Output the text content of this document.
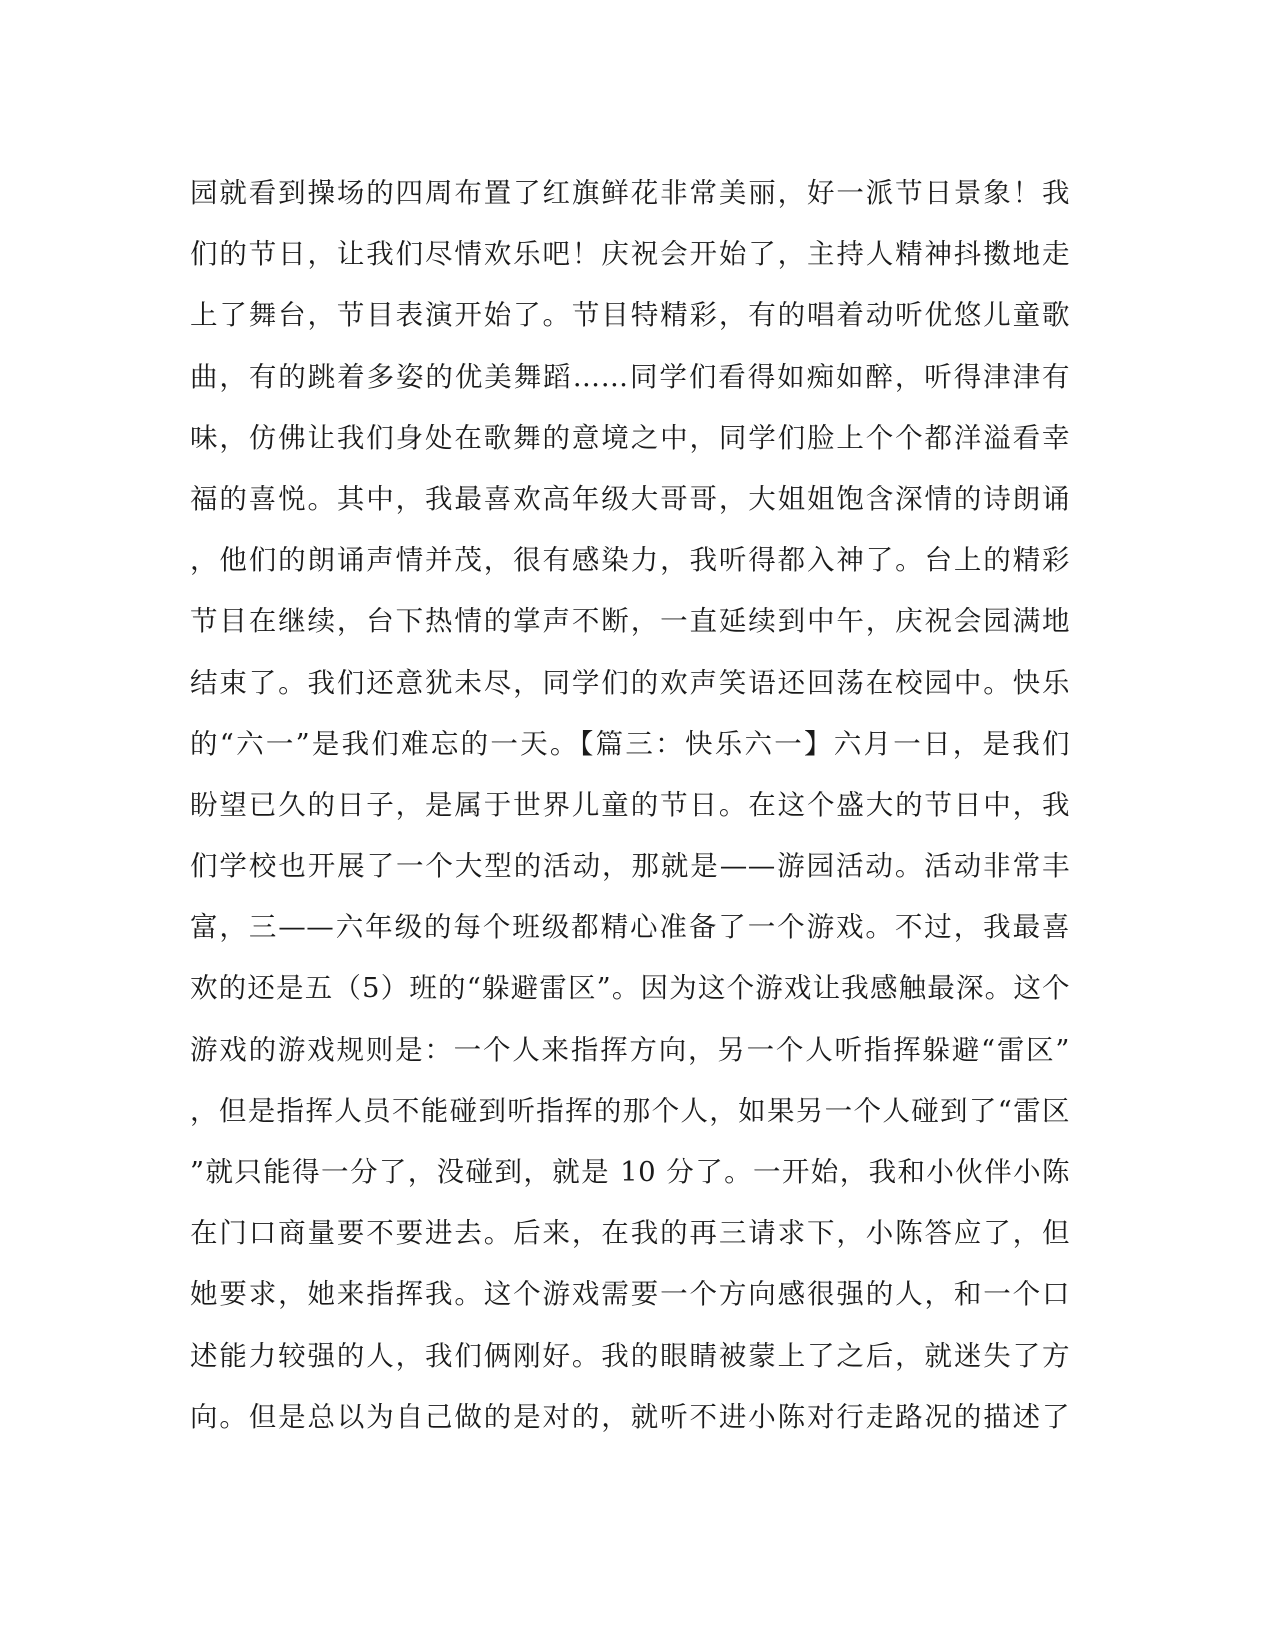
园就看到操场的四周布置了红旗鲜花非常美丽，好一派节日景象！我
们的节日，让我们尽情欢乐吧！庆祝会开始了，主持人精神抖擞地走
上了舞台，节目表演开始了。节目特精彩，有的唱着动听优悠儿童歌
曲，有的跳着多姿的优美舞蹈……同学们看得如痴如醉，听得津津有
味，仿佛让我们身处在歌舞的意境之中，同学们脸上个个都洋溢看幸
福的喜悦。其中，我最喜欢高年级大哥哥，大姐姐饱含深情的诗朗诵
，他们的朗诵声情并茂，很有感染力，我听得都入神了。台上的精彩
节目在继续，台下热情的掌声不断，一直延续到中午，庆祝会园满地
结束了。我们还意犹未尽，同学们的欢声笑语还回荡在校园中。快乐
的“六一”是我们难忘的一天。【篇三：快乐六一】六月一日，是我们
盼望已久的日子，是属于世界儿童的节日。在这个盛大的节日中，我
们学校也开展了一个大型的活动，那就是——游园活动。活动非常丰
富，三——六年级的每个班级都精心准备了一个游戏。不过，我最喜
欢的还是五（5）班的“躲避雷区”。因为这个游戏让我感触最深。这个
游戏的游戏规则是：一个人来指挥方向，另一个人听指挥躲避“雷区”
，但是指挥人员不能碰到听指挥的那个人，如果另一个人碰到了“雷区
”就只能得一分了，没碰到，就是 10 分了。一开始，我和小伙伴小陈
在门口商量要不要进去。后来，在我的再三请求下，小陈答应了，但
她要求，她来指挥我。这个游戏需要一个方向感很强的人，和一个口
述能力较强的人，我们俩刚好。我的眼睛被蒙上了之后，就迷失了方
向。但是总以为自己做的是对的，就听不进小陈对行走路况的描述了
